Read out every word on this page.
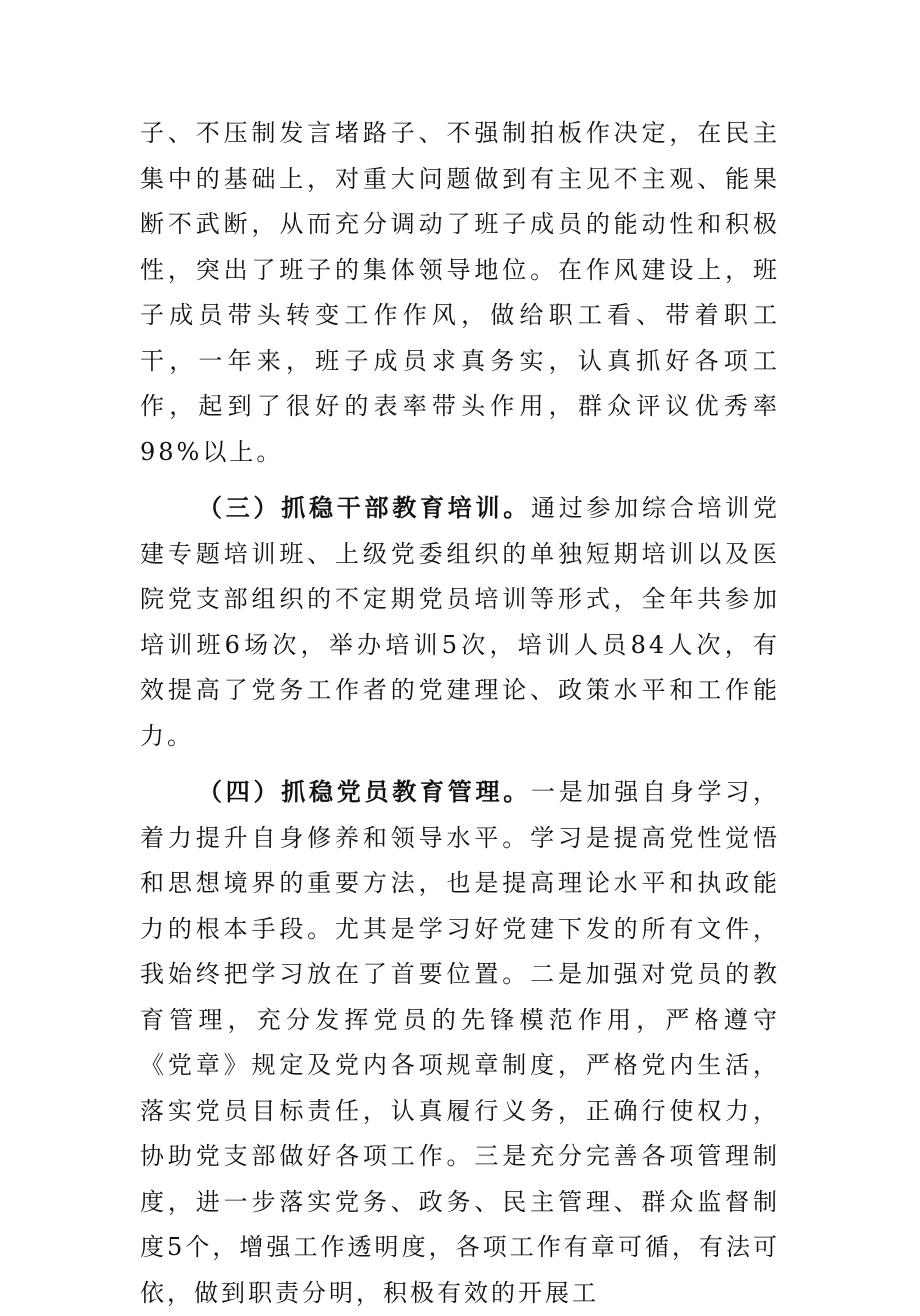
子、不压制发言堵路子、不强制拍板作决定，在民主集中的基础上，对重大问题做到有主见不主观、能果断不武断，从而充分调动了班子成员的能动性和积极性，突出了班子的集体领导地位。在作风建设上，班子成员带头转变工作作风，做给职工看、带着职工干，一年来，班子成员求真务实，认真抓好各项工作，起到了很好的表率带头作用，群众评议优秀率98%以上。

（三）抓稳干部教育培训。通过参加综合培训党建专题培训班、上级党委组织的单独短期培训以及医院党支部组织的不定期党员培训等形式，全年共参加培训班6场次，举办培训5次，培训人员84人次，有效提高了党务工作者的党建理论、政策水平和工作能力。

（四）抓稳党员教育管理。一是加强自身学习，着力提升自身修养和领导水平。学习是提高党性觉悟和思想境界的重要方法，也是提高理论水平和执政能力的根本手段。尤其是学习好党建下发的所有文件，我始终把学习放在了首要位置。二是加强对党员的教育管理，充分发挥党员的先锋模范作用，严格遵守《党章》规定及党内各项规章制度，严格党内生活，落实党员目标责任，认真履行义务，正确行使权力，协助党支部做好各项工作。三是充分完善各项管理制度，进一步落实党务、政务、民主管理、群众监督制度5个，增强工作透明度，各项工作有章可循，有法可依，做到职责分明，积极有效的开展工
